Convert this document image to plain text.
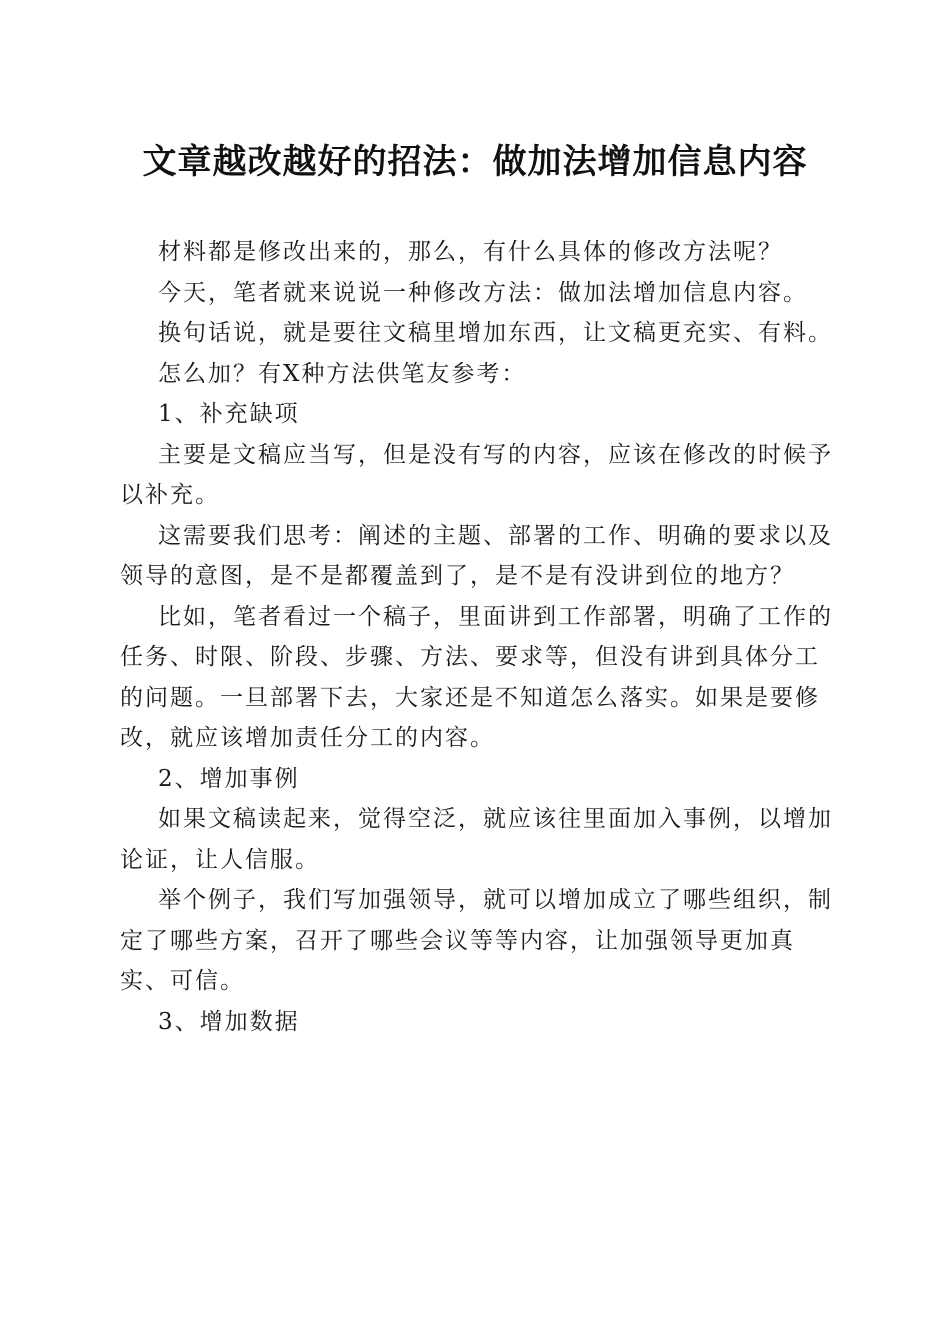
文章越改越好的招法：做加法增加信息内容

材料都是修改出来的，那么，有什么具体的修改方法呢？

今天，笔者就来说说一种修改方法：做加法增加信息内容。

换句话说，就是要往文稿里增加东西，让文稿更充实、有料。

怎么加？有X种方法供笔友参考：

1、补充缺项

主要是文稿应当写，但是没有写的内容，应该在修改的时候予以补充。

这需要我们思考：阐述的主题、部署的工作、明确的要求以及领导的意图，是不是都覆盖到了，是不是有没讲到位的地方？

比如，笔者看过一个稿子，里面讲到工作部署，明确了工作的任务、时限、阶段、步骤、方法、要求等，但没有讲到具体分工的问题。一旦部署下去，大家还是不知道怎么落实。如果是要修改，就应该增加责任分工的内容。

2、增加事例

如果文稿读起来，觉得空泛，就应该往里面加入事例，以增加论证，让人信服。

举个例子，我们写加强领导，就可以增加成立了哪些组织，制定了哪些方案，召开了哪些会议等等内容，让加强领导更加真实、可信。

3、增加数据
